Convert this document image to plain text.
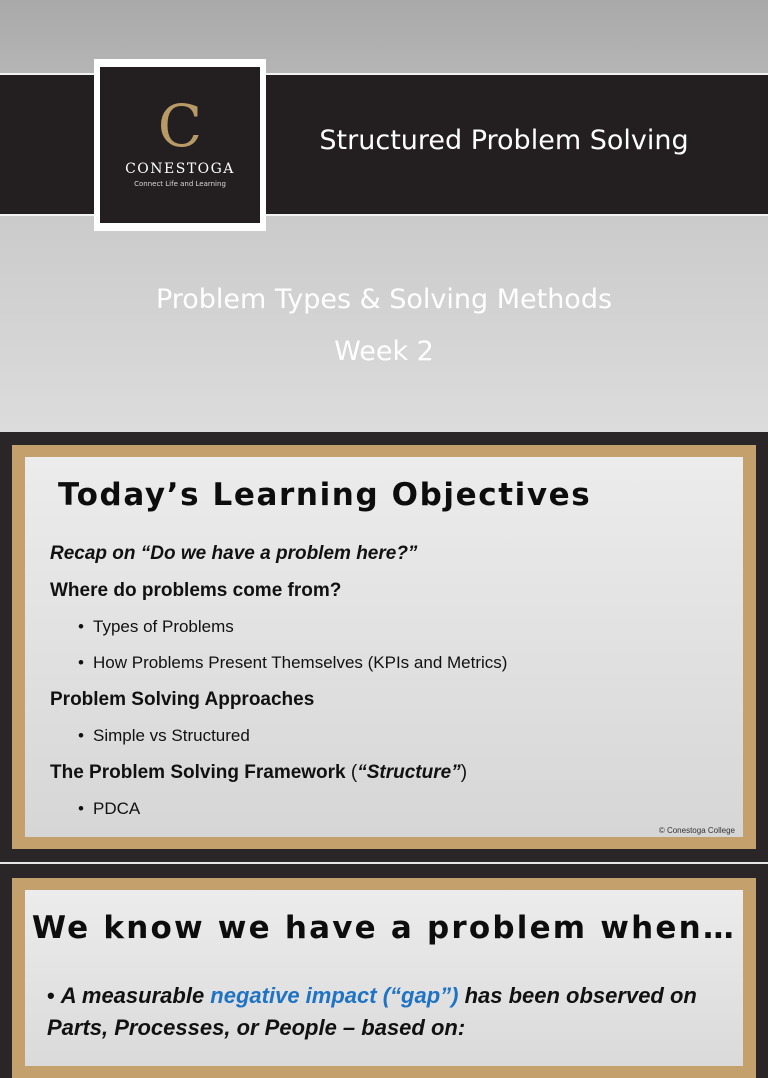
C
CONESTOGA
Connect Life and Learning
Structured Problem Solving
Problem Types & Solving Methods
Week 2
Today’s Learning Objectives
Recap on “Do we have a problem here?”
Where do problems come from?
• Types of Problems
• How Problems Present Themselves (KPIs and Metrics)
Problem Solving Approaches
• Simple vs Structured
The Problem Solving Framework (“Structure”)
• PDCA
© Conestoga College
We know we have a problem when…
• A measurable negative impact (“gap”) has been observed on Parts, Processes, or People – based on:
